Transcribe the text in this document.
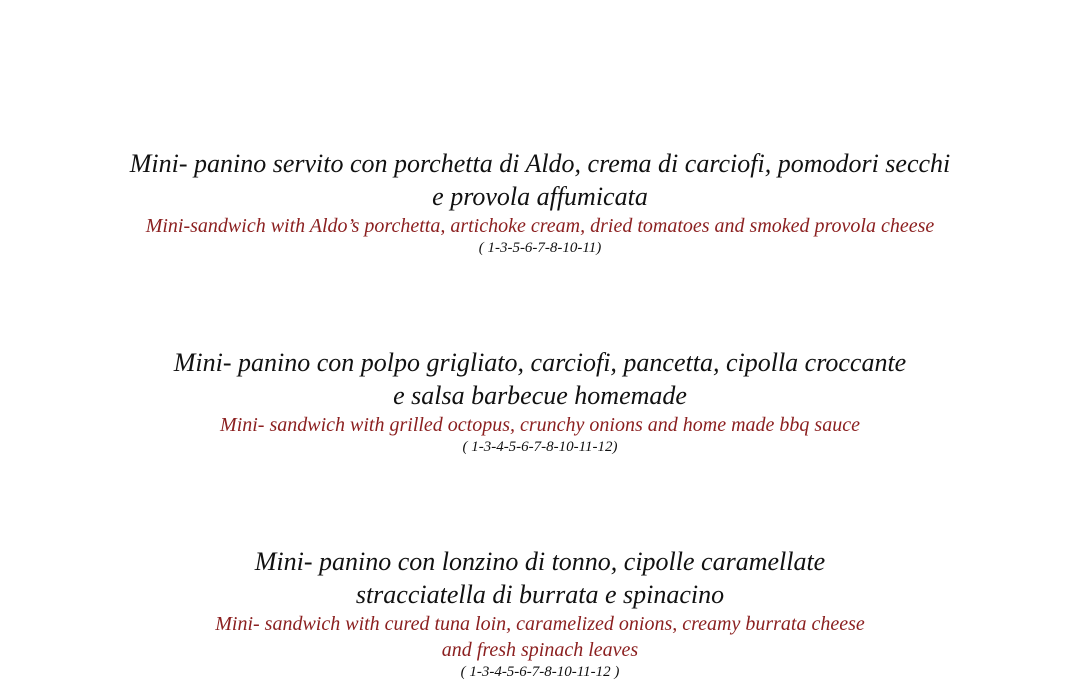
Mini- panino servito con porchetta di Aldo, crema di carciofi, pomodori secchi
e provola affumicata
Mini-sandwich with Aldo’s porchetta, artichoke cream, dried tomatoes and smoked provola cheese
( 1-3-5-6-7-8-10-11)
Mini- panino con polpo grigliato, carciofi, pancetta, cipolla croccante
e salsa barbecue homemade
Mini- sandwich with grilled octopus, crunchy onions and home made bbq sauce
( 1-3-4-5-6-7-8-10-11-12)
Mini- panino con lonzino di tonno, cipolle caramellate
stracciatella di burrata e spinacino
Mini- sandwich with cured tuna loin, caramelized onions, creamy burrata cheese
and fresh spinach leaves
( 1-3-4-5-6-7-8-10-11-12 )
